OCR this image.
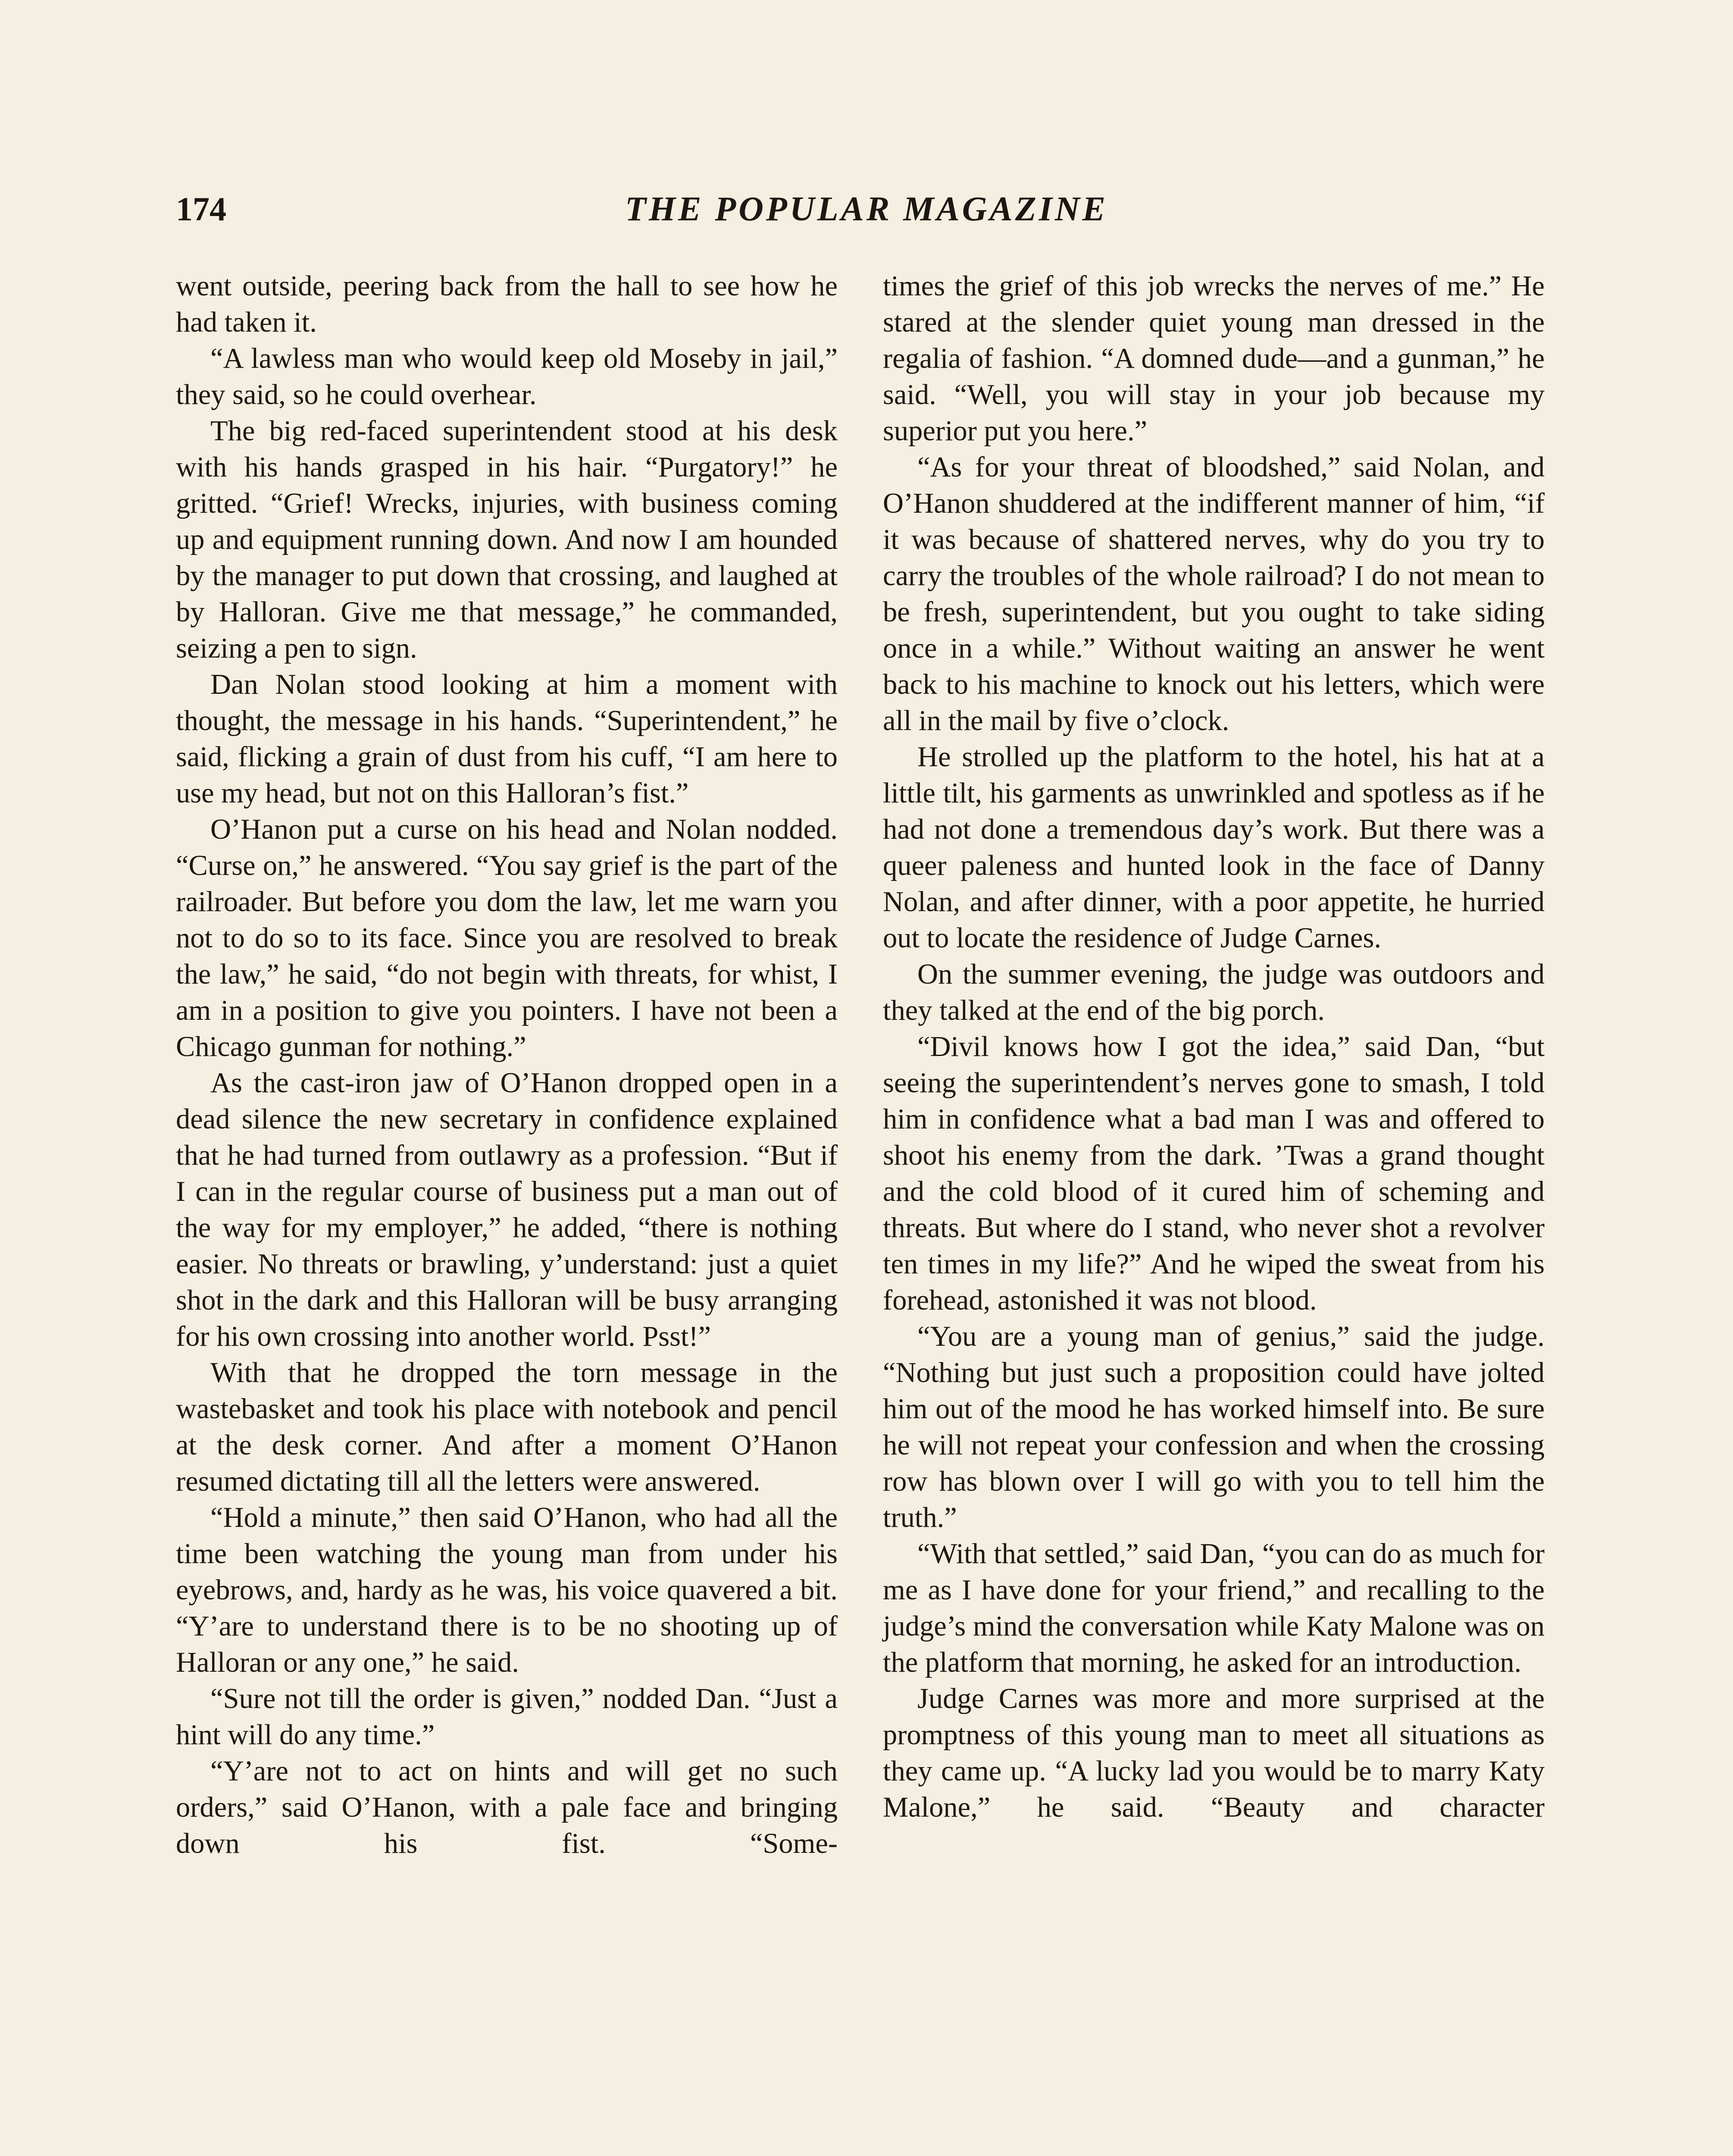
174	THE POPULAR MAGAZINE

went outside, peering back from the hall to see how he had taken it.

“A lawless man who would keep old Moseby in jail,” they said, so he could overhear.

The big red-faced superintendent stood at his desk with his hands grasped in his hair. “Purgatory!” he gritted. “Grief! Wrecks, injuries, with business coming up and equipment running down. And now I am hounded by the manager to put down that crossing, and laughed at by Halloran. Give me that message,” he commanded, seizing a pen to sign.

Dan Nolan stood looking at him a moment with thought, the message in his hands. “Superintendent,” he said, flicking a grain of dust from his cuff, “I am here to use my head, but not on this Halloran’s fist.”

O’Hanon put a curse on his head and Nolan nodded. “Curse on,” he answered. “You say grief is the part of the railroader. But before you dom the law, let me warn you not to do so to its face. Since you are resolved to break the law,” he said, “do not begin with threats, for whist, I am in a position to give you pointers. I have not been a Chicago gunman for nothing.”

As the cast-iron jaw of O’Hanon dropped open in a dead silence the new secretary in confidence explained that he had turned from outlawry as a profession. “But if I can in the regular course of business put a man out of the way for my employer,” he added, “there is nothing easier. No threats or brawling, y’understand: just a quiet shot in the dark and this Halloran will be busy arranging for his own crossing into another world. Psst!”

With that he dropped the torn message in the wastebasket and took his place with notebook and pencil at the desk corner. And after a moment O’Hanon resumed dictating till all the letters were answered.

“Hold a minute,” then said O’Hanon, who had all the time been watching the young man from under his eyebrows, and, hardy as he was, his voice quavered a bit. “Y’are to understand there is to be no shooting up of Halloran or any one,” he said.

“Sure not till the order is given,” nodded Dan. “Just a hint will do any time.”

“Y’are not to act on hints and will get no such orders,” said O’Hanon, with a pale face and bringing down his fist. “Some-

times the grief of this job wrecks the nerves of me.” He stared at the slender quiet young man dressed in the regalia of fashion. “A domned dude—and a gunman,” he said. “Well, you will stay in your job because my superior put you here.”

“As for your threat of bloodshed,” said Nolan, and O’Hanon shuddered at the indifferent manner of him, “if it was because of shattered nerves, why do you try to carry the troubles of the whole railroad? I do not mean to be fresh, superintendent, but you ought to take siding once in a while.” Without waiting an answer he went back to his machine to knock out his letters, which were all in the mail by five o’clock.

He strolled up the platform to the hotel, his hat at a little tilt, his garments as unwrinkled and spotless as if he had not done a tremendous day’s work. But there was a queer paleness and hunted look in the face of Danny Nolan, and after dinner, with a poor appetite, he hurried out to locate the residence of Judge Carnes.

On the summer evening, the judge was outdoors and they talked at the end of the big porch.

“Divil knows how I got the idea,” said Dan, “but seeing the superintendent’s nerves gone to smash, I told him in confidence what a bad man I was and offered to shoot his enemy from the dark. ’Twas a grand thought and the cold blood of it cured him of scheming and threats. But where do I stand, who never shot a revolver ten times in my life?” And he wiped the sweat from his forehead, astonished it was not blood.

“You are a young man of genius,” said the judge. “Nothing but just such a proposition could have jolted him out of the mood he has worked himself into. Be sure he will not repeat your confession and when the crossing row has blown over I will go with you to tell him the truth.”

“With that settled,” said Dan, “you can do as much for me as I have done for your friend,” and recalling to the judge’s mind the conversation while Katy Malone was on the platform that morning, he asked for an introduction.

Judge Carnes was more and more surprised at the promptness of this young man to meet all situations as they came up. “A lucky lad you would be to marry Katy Malone,” he said. “Beauty and character
